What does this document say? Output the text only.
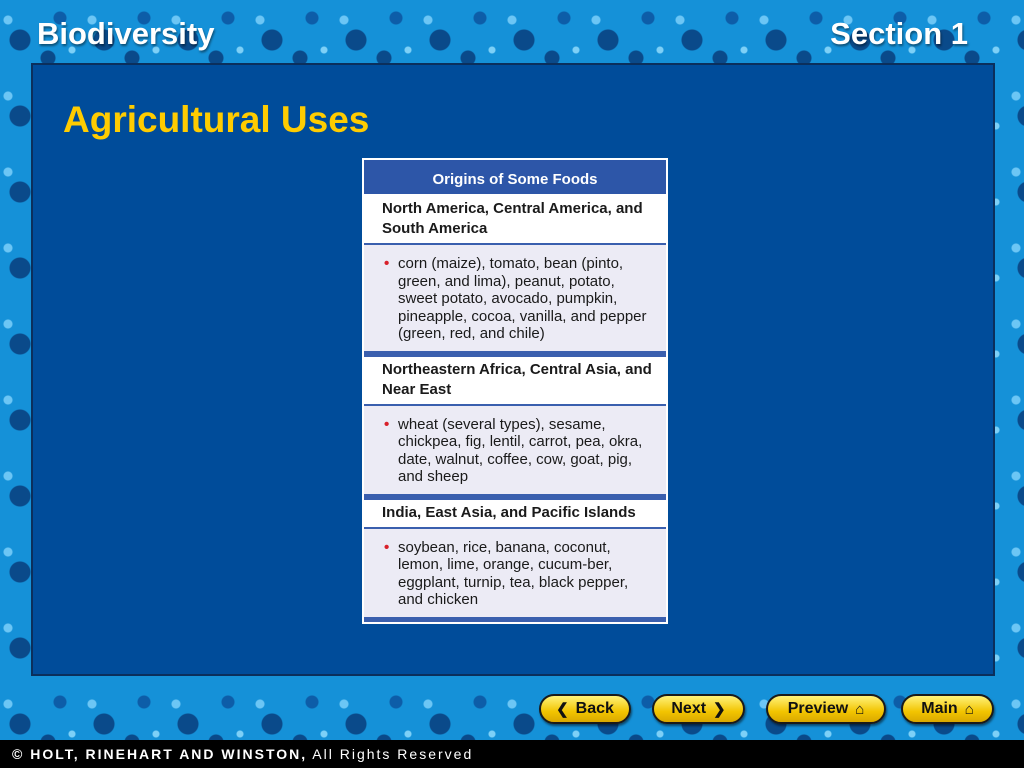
Biodiversity	Section 1
Agricultural Uses
Origins of Some Foods
North America, Central America, and South America
• corn (maize), tomato, bean (pinto, green, and lima), peanut, potato, sweet potato, avocado, pumpkin, pineapple, cocoa, vanilla, and pepper (green, red, and chile)
Northeastern Africa, Central Asia, and Near East
• wheat (several types), sesame, chickpea, fig, lentil, carrot, pea, okra, date, walnut, coffee, cow, goat, pig, and sheep
India, East Asia, and Pacific Islands
• soybean, rice, banana, coconut, lemon, lime, orange, cucum-ber, eggplant, turnip, tea, black pepper, and chicken
❮ Back	Next ❯	Preview ⌂	Main ⌂
© HOLT, RINEHART AND WINSTON, All Rights Reserved
